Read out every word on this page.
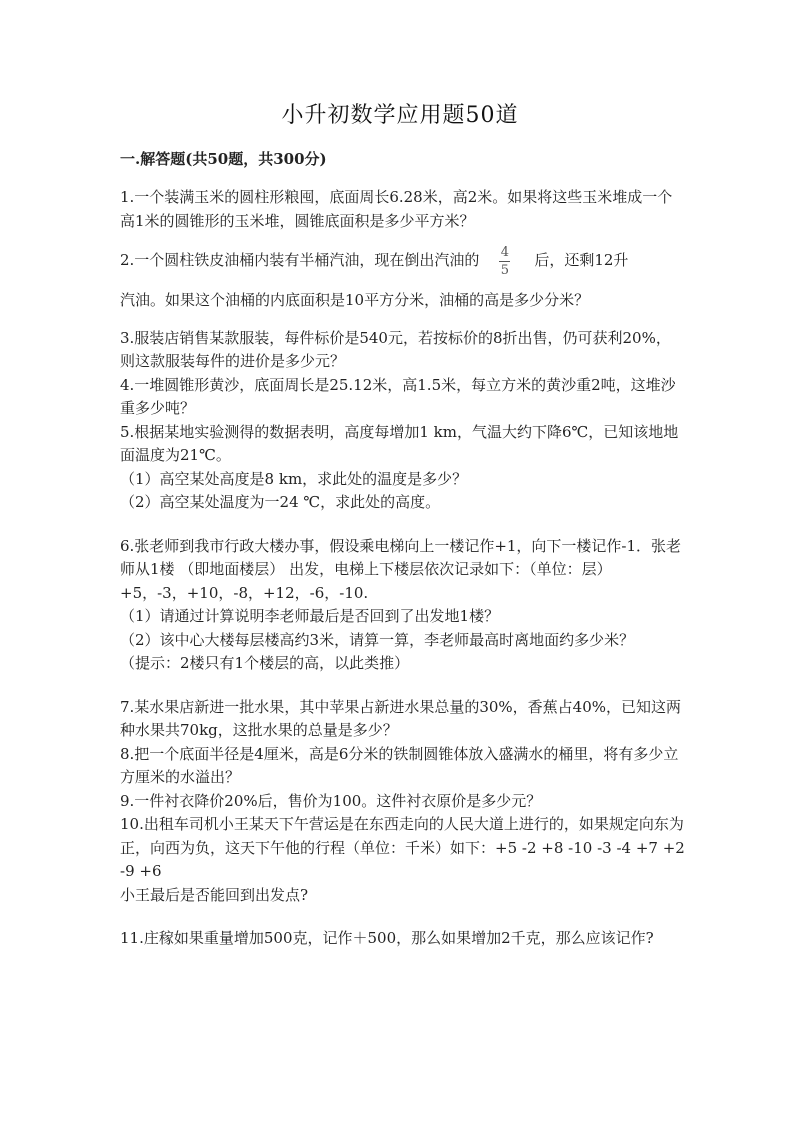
小升初数学应用题50道
一.解答题(共50题，共300分)

1.一个装满玉米的圆柱形粮囤，底面周长6.28米，高2米。如果将这些玉米堆成一个高1米的圆锥形的玉米堆，圆锥底面积是多少平方米？

2.一个圆柱铁皮油桶内装有半桶汽油，现在倒出汽油的 $\frac{4}{5}$ 后，还剩12升

汽油。如果这个油桶的内底面积是10平方分米，油桶的高是多少分米？

3.服装店销售某款服装，每件标价是540元，若按标价的8折出售，仍可获利20%，则这款服装每件的进价是多少元？

4.一堆圆锥形黄沙，底面周长是25.12米，高1.5米，每立方米的黄沙重2吨，这堆沙重多少吨？

5.根据某地实验测得的数据表明，高度每增加1 km，气温大约下降6℃，已知该地地面温度为21℃。

（1）高空某处高度是8 km，求此处的温度是多少？

（2）高空某处温度为一24 ℃，求此处的高度。

6.张老师到我市行政大楼办事，假设乘电梯向上一楼记作+1，向下一楼记作-1．张老师从1楼 （即地面楼层） 出发，电梯上下楼层依次记录如下：（单位：层）+5，-3，+10，-8，+12，-6，-10.

（1）请通过计算说明李老师最后是否回到了出发地1楼？

（2）该中心大楼每层楼高约3米，请算一算，李老师最高时离地面约多少米？

（提示：2楼只有1个楼层的高，以此类推）

7.某水果店新进一批水果，其中苹果占新进水果总量的30%，香蕉占40%，已知这两种水果共70kg，这批水果的总量是多少？

8.把一个底面半径是4厘米，高是6分米的铁制圆锥体放入盛满水的桶里，将有多少立方厘米的水溢出？

9.一件衬衣降价20%后，售价为100。这件衬衣原价是多少元？

10.出租车司机小王某天下午营运是在东西走向的人民大道上进行的，如果规定向东为正，向西为负，这天下午他的行程（单位：千米）如下：+5 -2 +8 -10 -3 -4 +7 +2 -9 +6

小王最后是否能回到出发点?

11.庄稼如果重量增加500克，记作＋500，那么如果增加2千克，那么应该记作?
